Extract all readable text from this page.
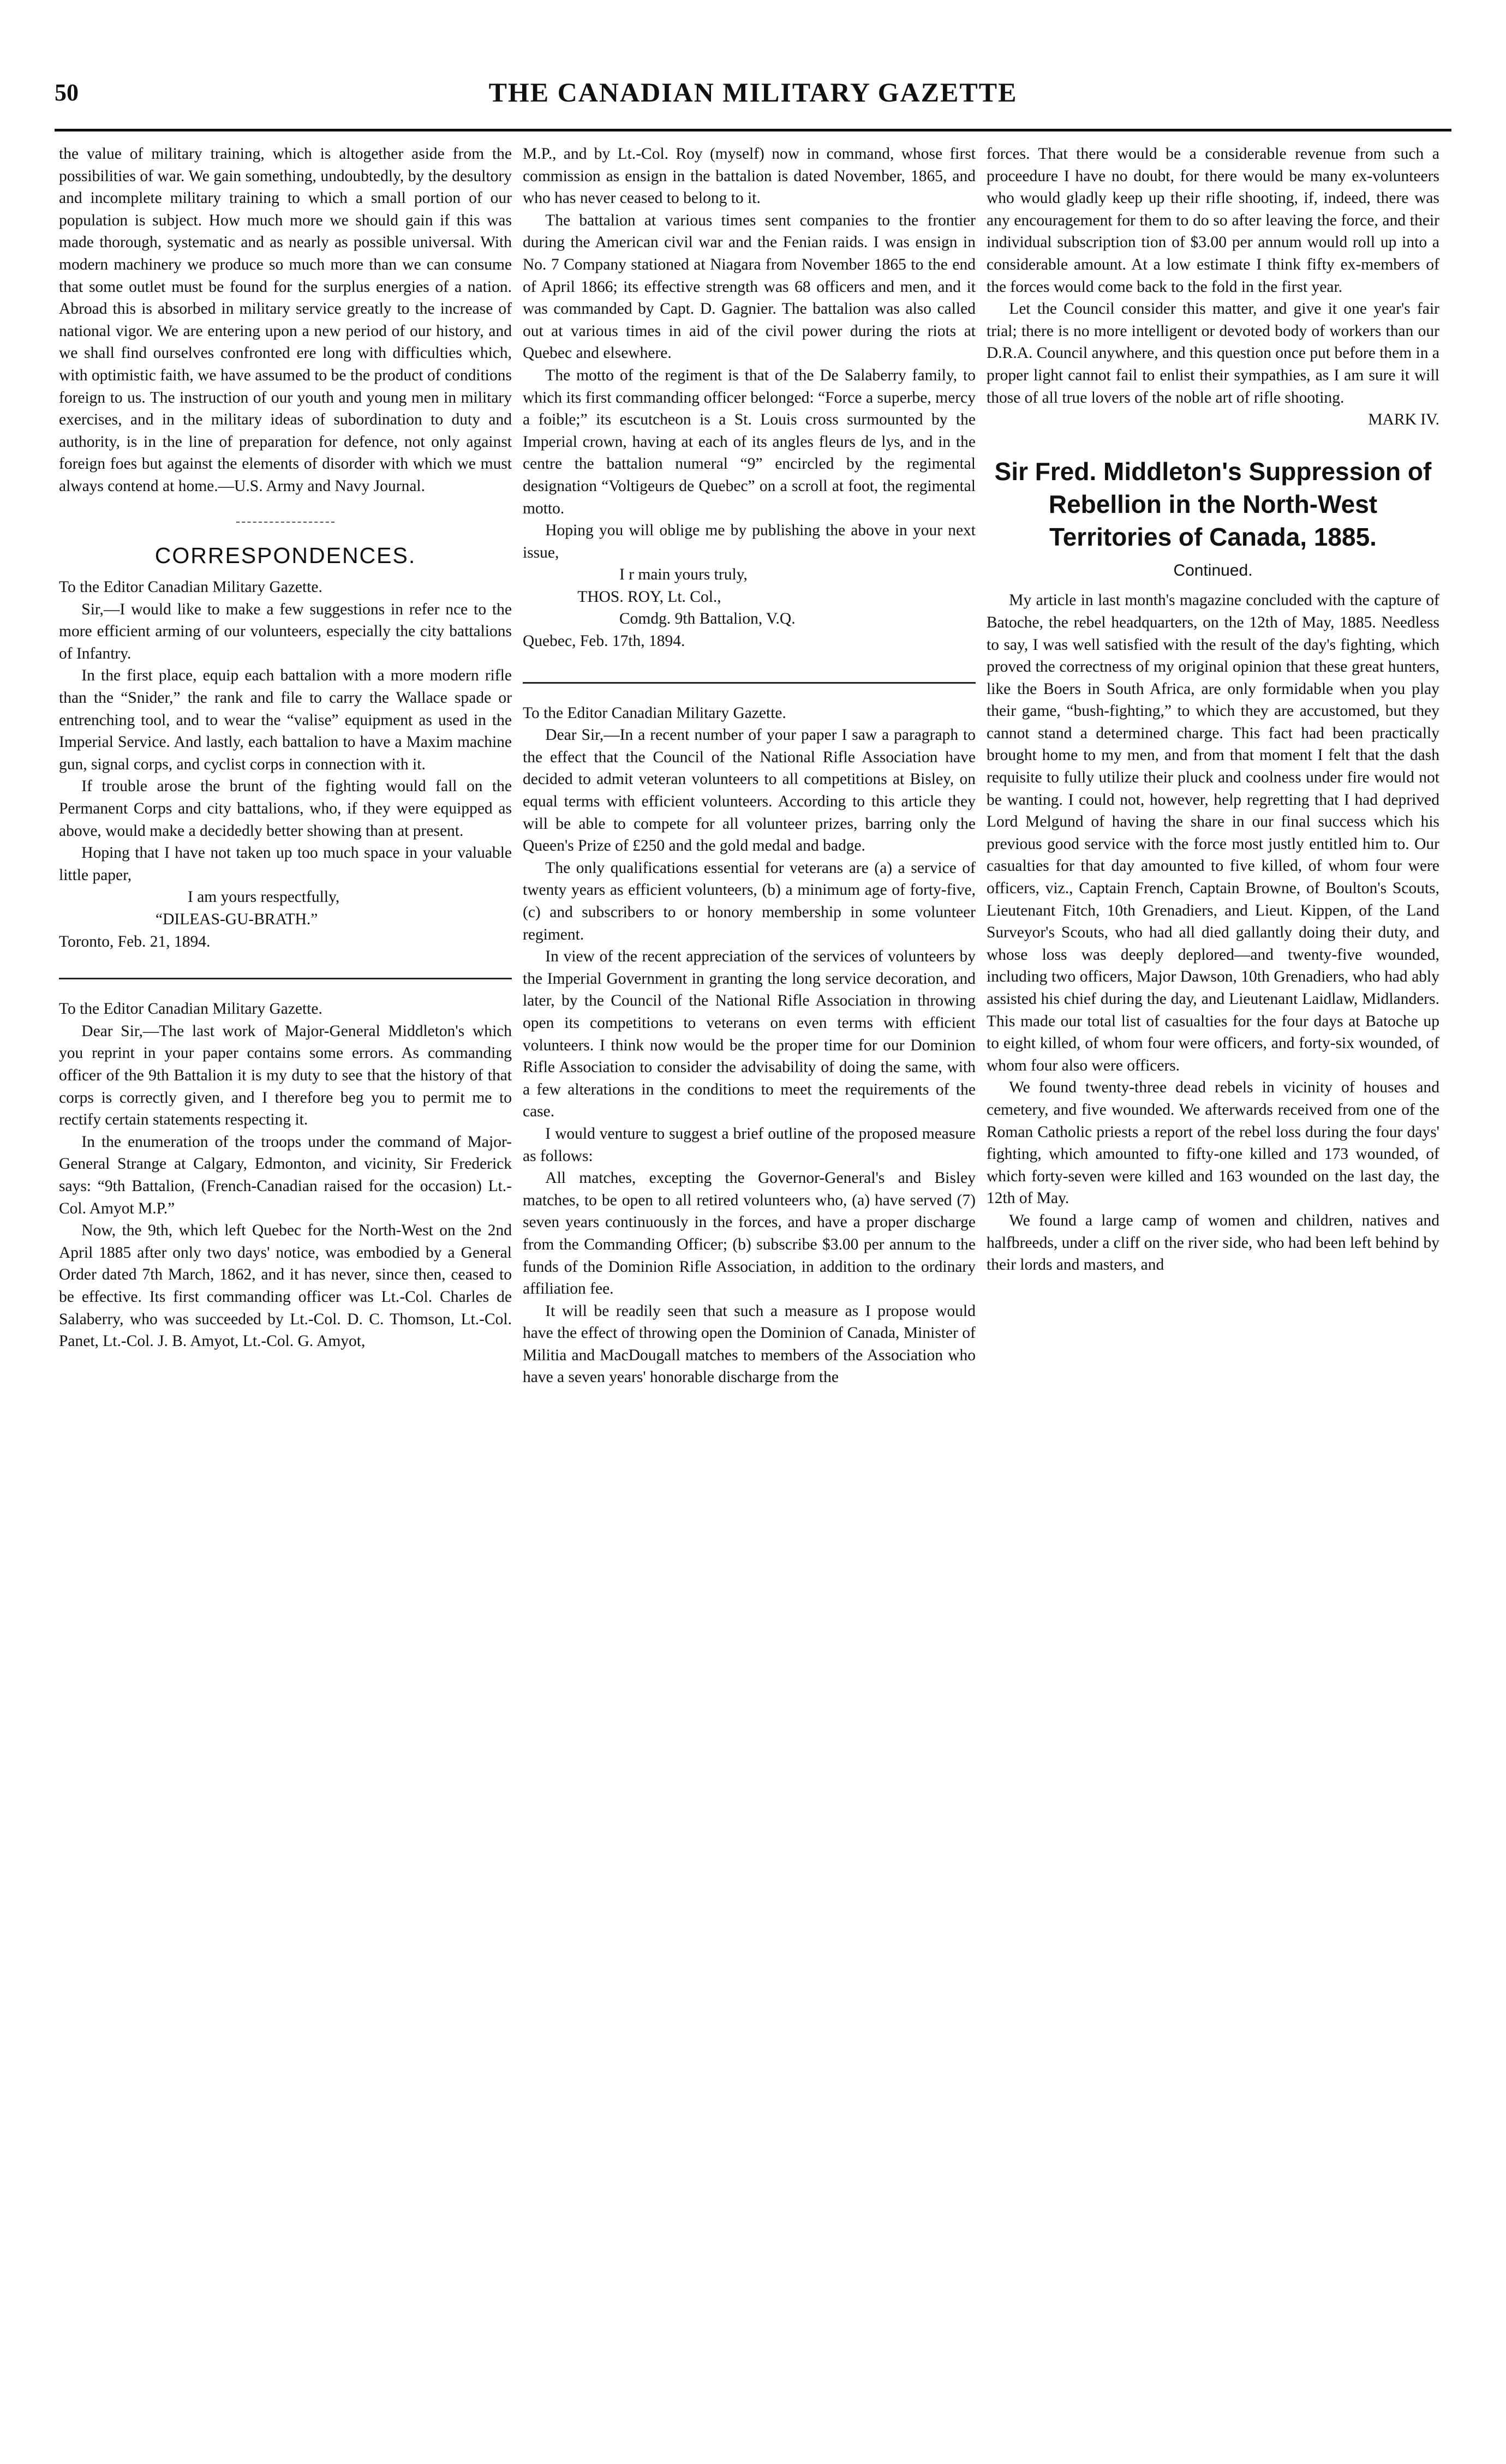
50	THE CANADIAN MILITARY GAZETTE

the value of military training, which is altogether aside from the possibilities of war. We gain something, undoubtedly, by the desultory and incomplete military training to which a small portion of our population is subject. How much more we should gain if this was made thorough, systematic and as nearly as possible universal. With modern machinery we produce so much more than we can consume that some outlet must be found for the surplus energies of a nation. Abroad this is absorbed in military service greatly to the increase of national vigor. We are entering upon a new period of our history, and we shall find ourselves confronted ere long with difficulties which, with optimistic faith, we have assumed to be the product of conditions foreign to us. The instruction of our youth and young men in military exercises, and in the military ideas of subordination to duty and authority, is in the line of preparation for defence, not only against foreign foes but against the elements of disorder with which we must always contend at home.—U.S. Army and Navy Journal.

CORRESPONDENCES.

To the Editor Canadian Military Gazette.

Sir,—I would like to make a few suggestions in refer nce to the more efficient arming of our volunteers, especially the city battalions of Infantry.

In the first place, equip each battalion with a more modern rifle than the “Snider,” the rank and file to carry the Wallace spade or entrenching tool, and to wear the “valise” equipment as used in the Imperial Service. And lastly, each battalion to have a Maxim machine gun, signal corps, and cyclist corps in connection with it.

If trouble arose the brunt of the fighting would fall on the Permanent Corps and city battalions, who, if they were equipped as above, would make a decidedly better showing than at present.

Hoping that I have not taken up too much space in your valuable little paper,

I am yours respectfully,

“DILEAS-GU-BRATH.”

Toronto, Feb. 21, 1894.

To the Editor Canadian Military Gazette.

Dear Sir,—The last work of Major-General Middleton's which you reprint in your paper contains some errors. As commanding officer of the 9th Battalion it is my duty to see that the history of that corps is correctly given, and I therefore beg you to permit me to rectify certain statements respecting it.

In the enumeration of the troops under the command of Major-General Strange at Calgary, Edmonton, and vicinity, Sir Frederick says: “9th Battalion, (French-Canadian raised for the occasion) Lt.-Col. Amyot M.P.”

Now, the 9th, which left Quebec for the North-West on the 2nd April 1885 after only two days' notice, was embodied by a General Order dated 7th March, 1862, and it has never, since then, ceased to be effective. Its first commanding officer was Lt.-Col. Charles de Salaberry, who was succeeded by Lt.-Col. D. C. Thomson, Lt.-Col. Panet, Lt.-Col. J. B. Amyot, Lt.-Col. G. Amyot,

M.P., and by Lt.-Col. Roy (myself) now in command, whose first commission as ensign in the battalion is dated November, 1865, and who has never ceased to belong to it.

The battalion at various times sent companies to the frontier during the American civil war and the Fenian raids. I was ensign in No. 7 Company stationed at Niagara from November 1865 to the end of April 1866; its effective strength was 68 officers and men, and it was commanded by Capt. D. Gagnier. The battalion was also called out at various times in aid of the civil power during the riots at Quebec and elsewhere.

The motto of the regiment is that of the De Salaberry family, to which its first commanding officer belonged: “Force a superbe, mercy a foible;” its escutcheon is a St. Louis cross surmounted by the Imperial crown, having at each of its angles fleurs de lys, and in the centre the battalion numeral “9” encircled by the regimental designation “Voltigeurs de Quebec” on a scroll at foot, the regimental motto.

Hoping you will oblige me by publishing the above in your next issue,

I r main yours truly,

THOS. ROY, Lt. Col.,

Comdg. 9th Battalion, V.Q.

Quebec, Feb. 17th, 1894.

To the Editor Canadian Military Gazette.

Dear Sir,—In a recent number of your paper I saw a paragraph to the effect that the Council of the National Rifle Association have decided to admit veteran volunteers to all competitions at Bisley, on equal terms with efficient volunteers. According to this article they will be able to compete for all volunteer prizes, barring only the Queen's Prize of £250 and the gold medal and badge.

The only qualifications essential for veterans are (a) a service of twenty years as efficient volunteers, (b) a minimum age of forty-five, (c) and subscribers to or honory membership in some volunteer regiment.

In view of the recent appreciation of the services of volunteers by the Imperial Government in granting the long service decoration, and later, by the Council of the National Rifle Association in throwing open its competitions to veterans on even terms with efficient volunteers. I think now would be the proper time for our Dominion Rifle Association to consider the advisability of doing the same, with a few alterations in the conditions to meet the requirements of the case.

I would venture to suggest a brief outline of the proposed measure as follows:

All matches, excepting the Governor-General's and Bisley matches, to be open to all retired volunteers who, (a) have served (7) seven years continuously in the forces, and have a proper discharge from the Commanding Officer; (b) subscribe $3.00 per annum to the funds of the Dominion Rifle Association, in addition to the ordinary affiliation fee.

It will be readily seen that such a measure as I propose would have the effect of throwing open the Dominion of Canada, Minister of Militia and MacDougall matches to members of the Association who have a seven years' honorable discharge from the

forces. That there would be a considerable revenue from such a proceedure I have no doubt, for there would be many ex-volunteers who would gladly keep up their rifle shooting, if, indeed, there was any encouragement for them to do so after leaving the force, and their individual subscription tion of $3.00 per annum would roll up into a considerable amount. At a low estimate I think fifty ex-members of the forces would come back to the fold in the first year.

Let the Council consider this matter, and give it one year's fair trial; there is no more intelligent or devoted body of workers than our D.R.A. Council anywhere, and this question once put before them in a proper light cannot fail to enlist their sympathies, as I am sure it will those of all true lovers of the noble art of rifle shooting.

MARK IV.

Sir Fred. Middleton's Suppression of Rebellion in the North-West Territories of Canada, 1885.
Continued.

My article in last month's magazine concluded with the capture of Batoche, the rebel headquarters, on the 12th of May, 1885. Needless to say, I was well satisfied with the result of the day's fighting, which proved the correctness of my original opinion that these great hunters, like the Boers in South Africa, are only formidable when you play their game, “bush-fighting,” to which they are accustomed, but they cannot stand a determined charge. This fact had been practically brought home to my men, and from that moment I felt that the dash requisite to fully utilize their pluck and coolness under fire would not be wanting. I could not, however, help regretting that I had deprived Lord Melgund of having the share in our final success which his previous good service with the force most justly entitled him to. Our casualties for that day amounted to five killed, of whom four were officers, viz., Captain French, Captain Browne, of Boulton's Scouts, Lieutenant Fitch, 10th Grenadiers, and Lieut. Kippen, of the Land Surveyor's Scouts, who had all died gallantly doing their duty, and whose loss was deeply deplored—and twenty-five wounded, including two officers, Major Dawson, 10th Grenadiers, who had ably assisted his chief during the day, and Lieutenant Laidlaw, Midlanders. This made our total list of casualties for the four days at Batoche up to eight killed, of whom four were officers, and forty-six wounded, of whom four also were officers.

We found twenty-three dead rebels in vicinity of houses and cemetery, and five wounded. We afterwards received from one of the Roman Catholic priests a report of the rebel loss during the four days' fighting, which amounted to fifty-one killed and 173 wounded, of which forty-seven were killed and 163 wounded on the last day, the 12th of May.

We found a large camp of women and children, natives and halfbreeds, under a cliff on the river side, who had been left behind by their lords and masters, and
